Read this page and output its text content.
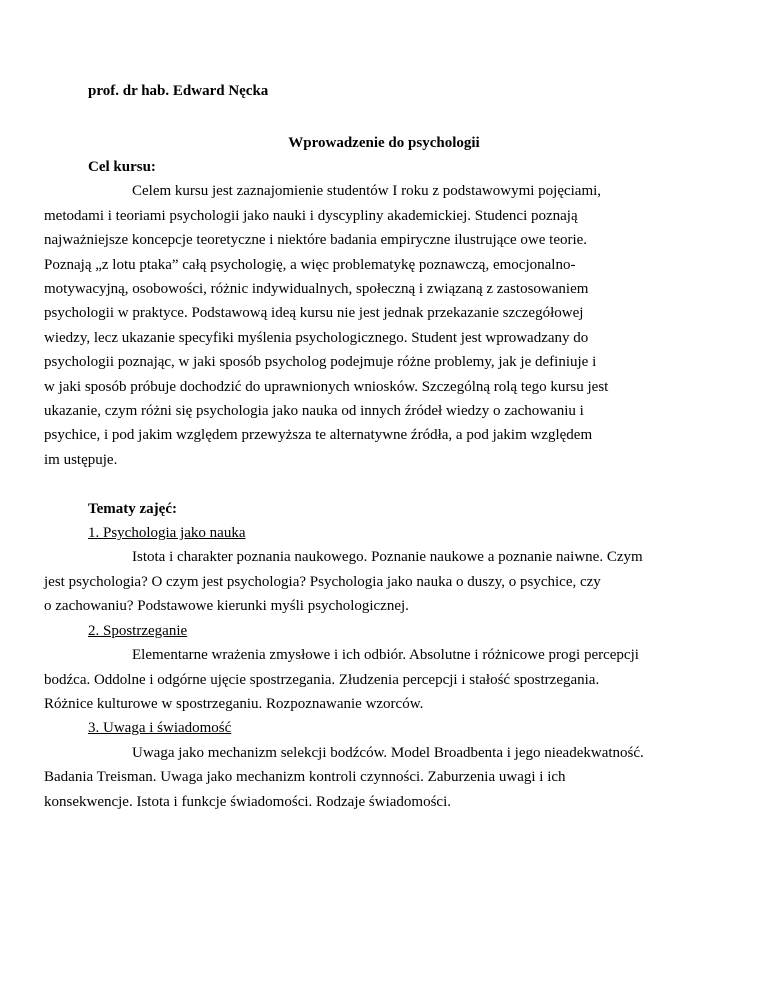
prof. dr hab. Edward Nęcka

Wprowadzenie do psychologii

Cel kursu:

Celem kursu jest zaznajomienie studentów I roku z podstawowymi pojęciami,
metodami i teoriami psychologii jako nauki i dyscypliny akademickiej. Studenci poznają
najważniejsze koncepcje teoretyczne i niektóre badania empiryczne ilustrujące owe teorie.
Poznają „z lotu ptaka” całą psychologię, a więc problematykę poznawczą, emocjonalno-
motywacyjną, osobowości, różnic indywidualnych, społeczną i związaną z zastosowaniem
psychologii w praktyce. Podstawową ideą kursu nie jest jednak przekazanie szczegółowej
wiedzy, lecz ukazanie specyfiki myślenia psychologicznego. Student jest wprowadzany do
psychologii poznając, w jaki sposób psycholog podejmuje różne problemy, jak je definiuje i
w jaki sposób próbuje dochodzić do uprawnionych wniosków. Szczególną rolą tego kursu jest
ukazanie, czym różni się psychologia jako nauka od innych źródeł wiedzy o zachowaniu i
psychice, i pod jakim względem przewyższa te alternatywne źródła, a pod jakim względem
im ustępuje.

Tematy zajęć:

1. Psychologia jako nauka

Istota i charakter poznania naukowego. Poznanie naukowe a poznanie naiwne. Czym
jest psychologia? O czym jest psychologia? Psychologia jako nauka o duszy, o psychice, czy
o zachowaniu? Podstawowe kierunki myśli psychologicznej.

2. Spostrzeganie

Elementarne wrażenia zmysłowe i ich odbiór. Absolutne i różnicowe progi percepcji
bodźca. Oddolne i odgórne ujęcie spostrzegania. Złudzenia percepcji i stałość spostrzegania.
Różnice kulturowe w spostrzeganiu. Rozpoznawanie wzorców.

3. Uwaga i świadomość

Uwaga jako mechanizm selekcji bodźców. Model Broadbenta i jego nieadekwatność.
Badania Treisman. Uwaga jako mechanizm kontroli czynności. Zaburzenia uwagi i ich
konsekwencje. Istota i funkcje świadomości. Rodzaje świadomości.
